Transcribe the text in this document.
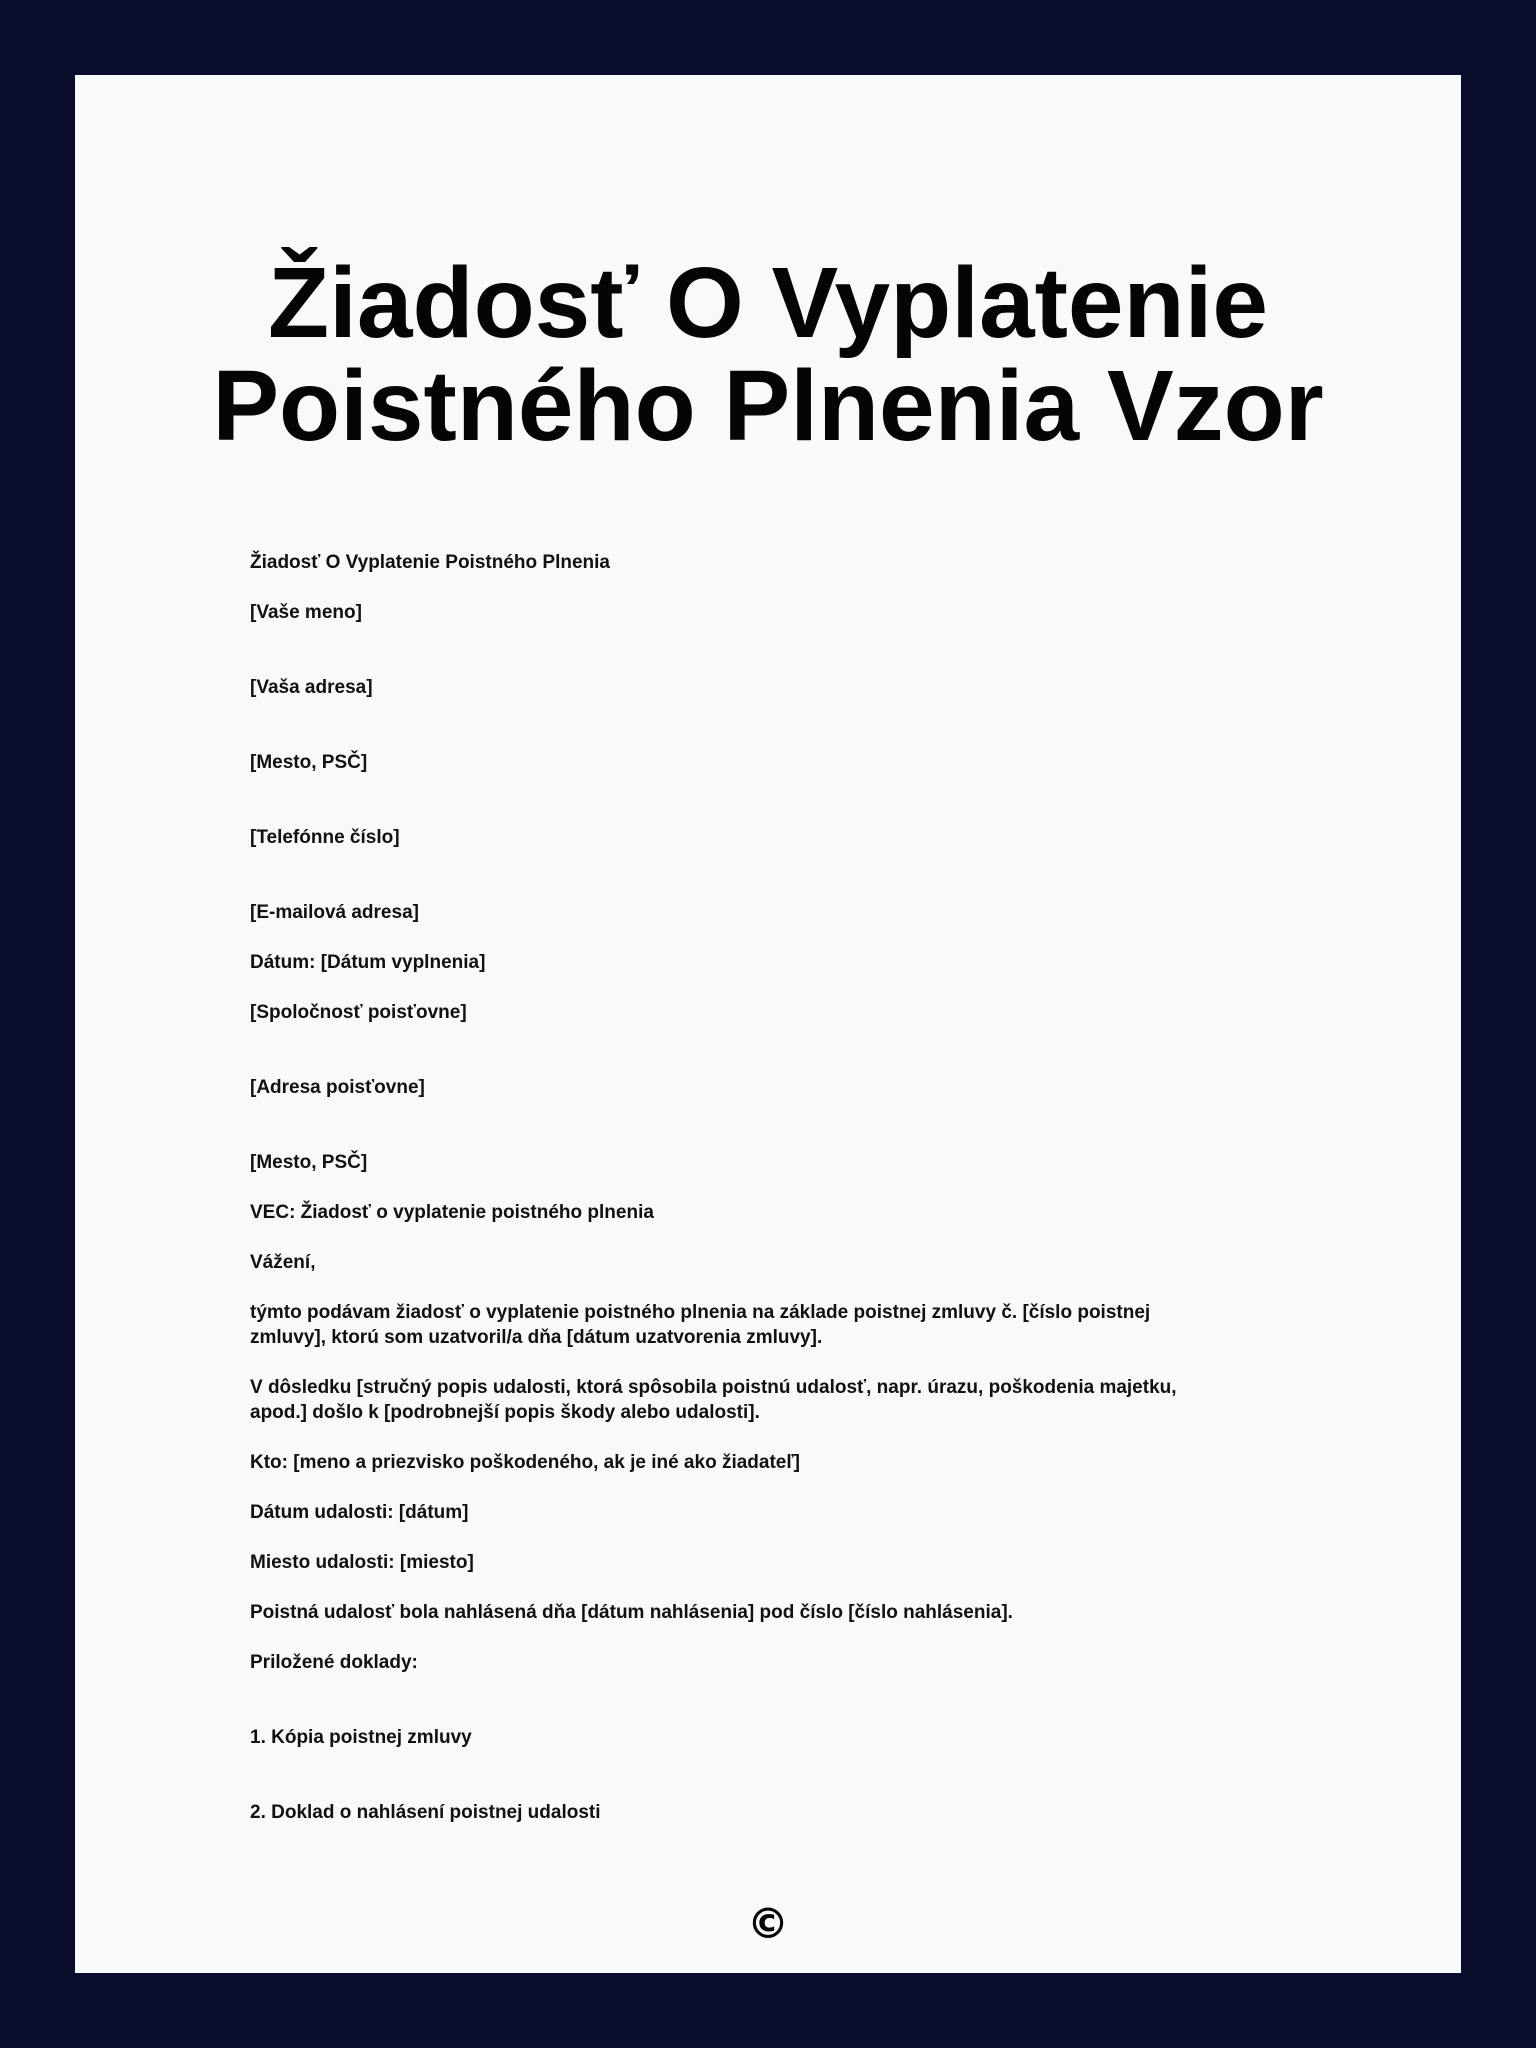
Žiadosť O Vyplatenie
Poistného Plnenia Vzor

Žiadosť O Vyplatenie Poistného Plnenia

[Vaše meno]

[Vaša adresa]

[Mesto, PSČ]

[Telefónne číslo]

[E-mailová adresa]

Dátum: [Dátum vyplnenia]

[Spoločnosť poisťovne]

[Adresa poisťovne]

[Mesto, PSČ]

VEC: Žiadosť o vyplatenie poistného plnenia

Vážení,

týmto podávam žiadosť o vyplatenie poistného plnenia na základe poistnej zmluvy č. [číslo poistnej

zmluvy], ktorú som uzatvoril/a dňa [dátum uzatvorenia zmluvy].

V dôsledku [stručný popis udalosti, ktorá spôsobila poistnú udalosť, napr. úrazu, poškodenia majetku,

apod.] došlo k [podrobnejší popis škody alebo udalosti].

Kto: [meno a priezvisko poškodeného, ak je iné ako žiadateľ]

Dátum udalosti: [dátum]

Miesto udalosti: [miesto]

Poistná udalosť bola nahlásená dňa [dátum nahlásenia] pod číslo [číslo nahlásenia].

Priložené doklady:

1. Kópia poistnej zmluvy

2. Doklad o nahlásení poistnej udalosti

©
